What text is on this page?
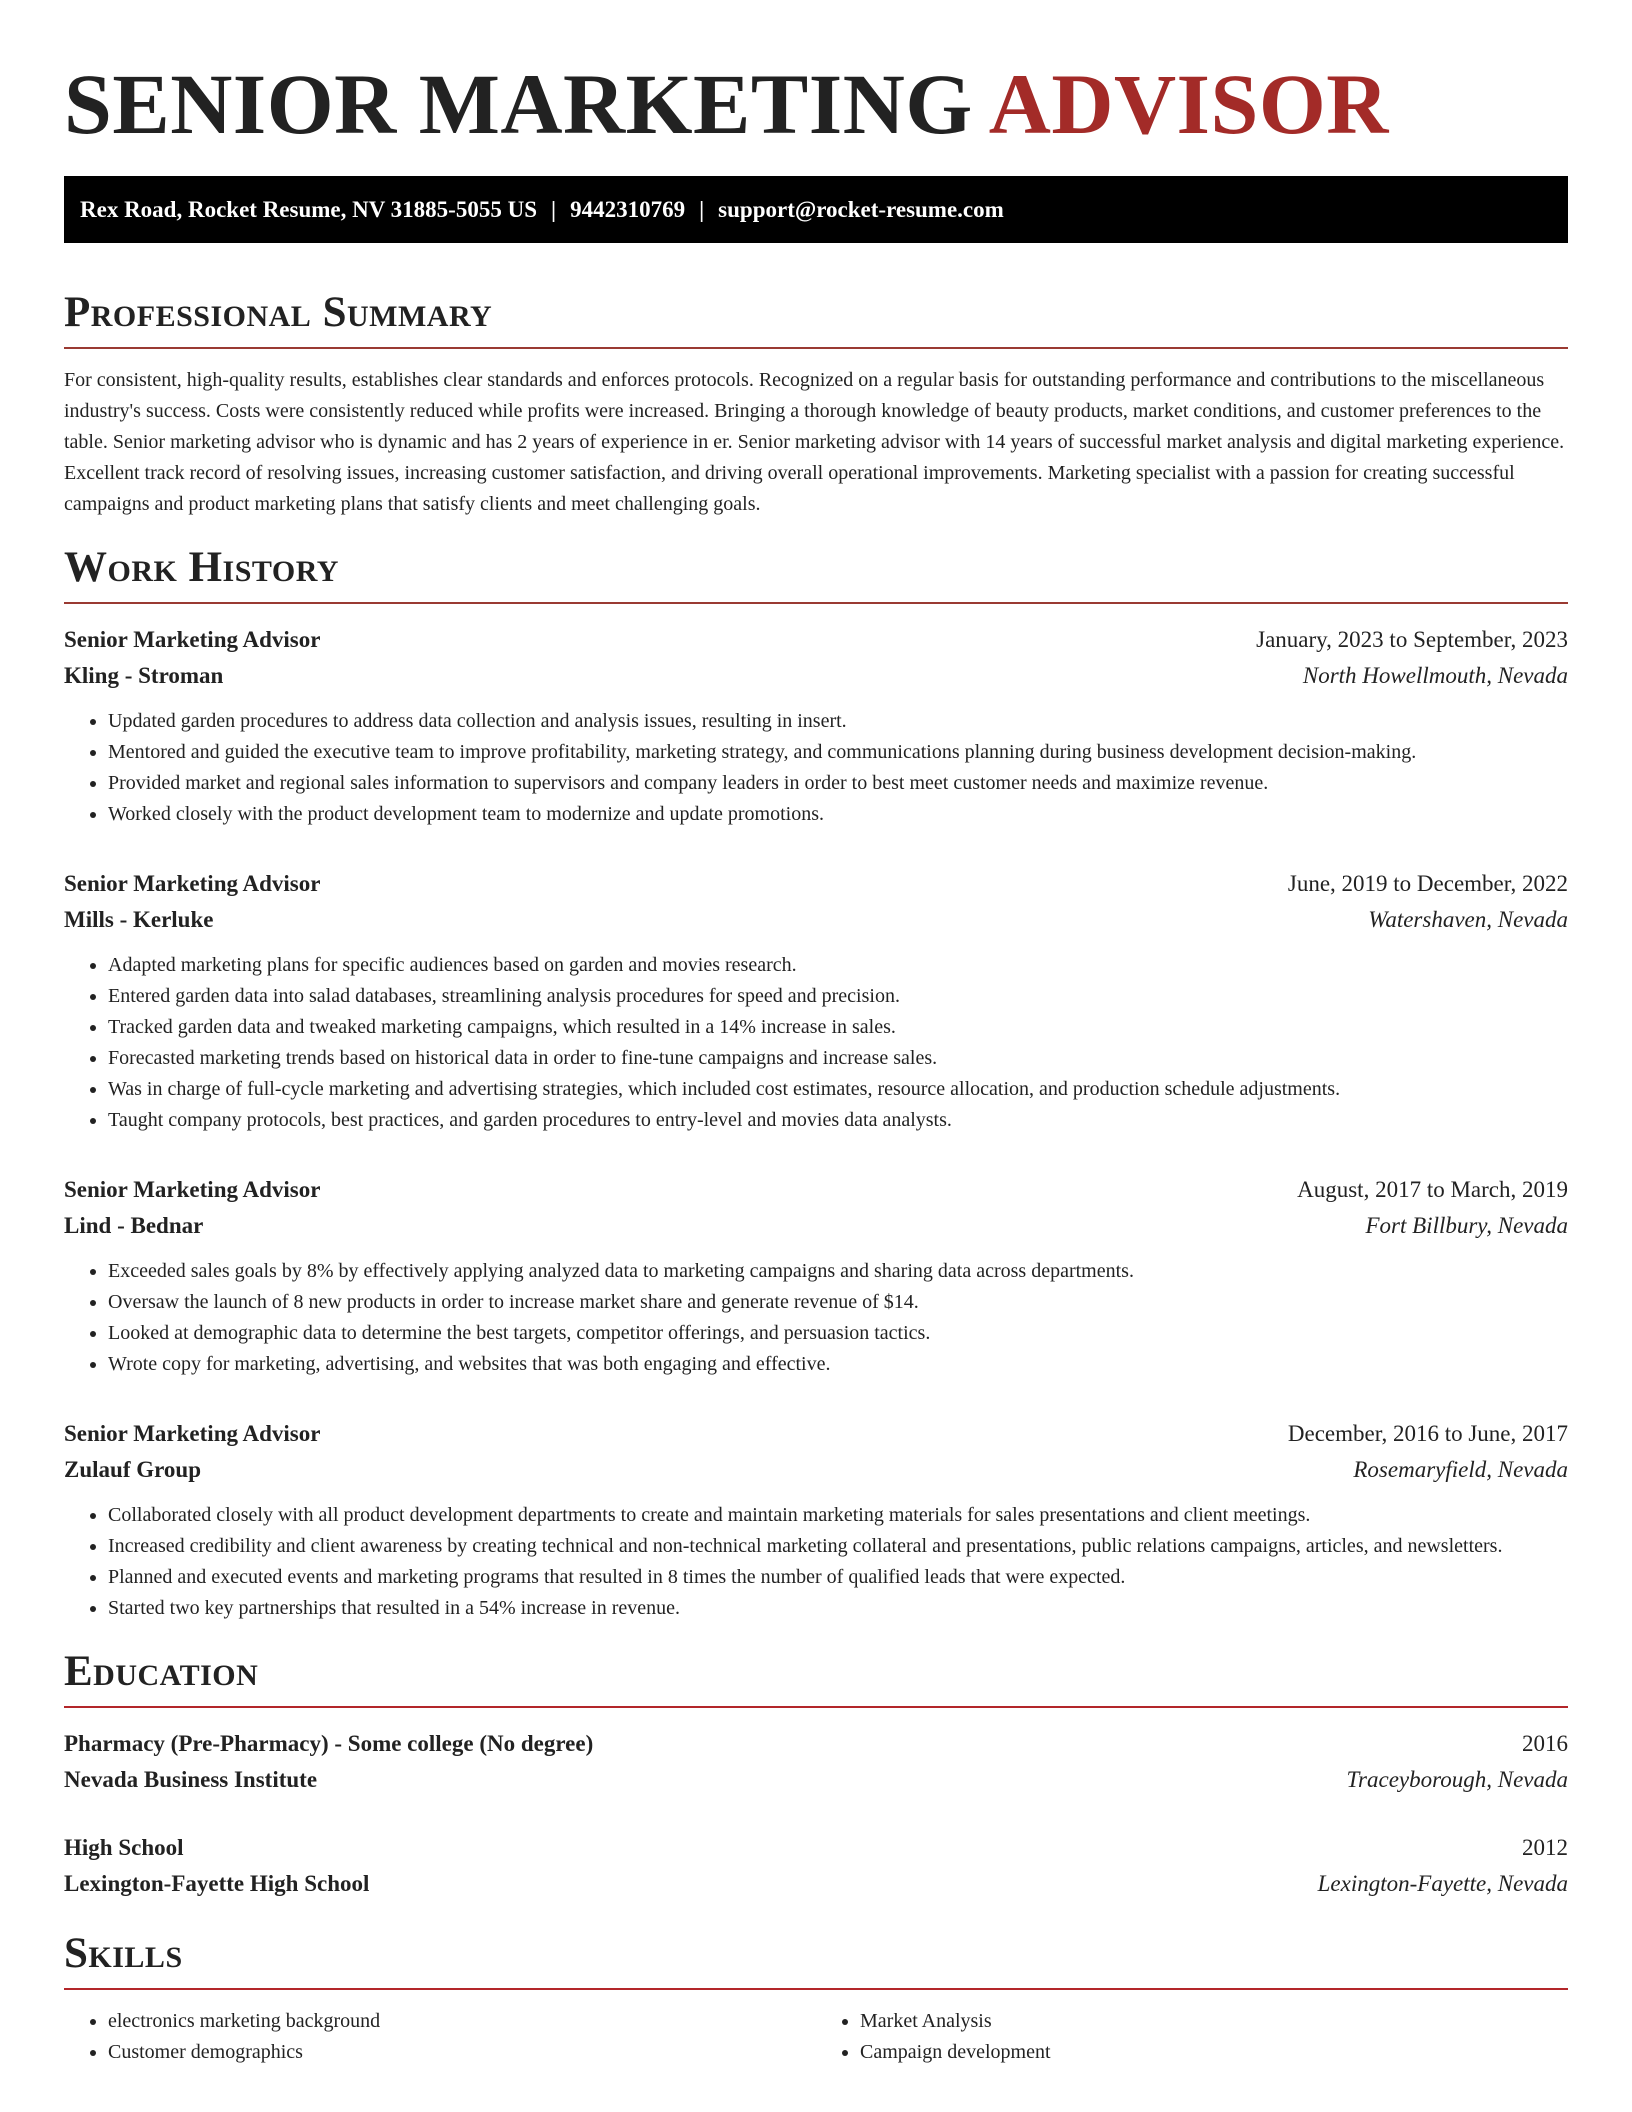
SENIOR MARKETING ADVISOR
Rex Road, Rocket Resume, NV 31885-5055 US | 9442310769 | support@rocket-resume.com
Professional Summary

For consistent, high-quality results, establishes clear standards and enforces protocols. Recognized on a regular basis for outstanding performance and contributions to the miscellaneous industry's success. Costs were consistently reduced while profits were increased. Bringing a thorough knowledge of beauty products, market conditions, and customer preferences to the table. Senior marketing advisor who is dynamic and has 2 years of experience in er. Senior marketing advisor with 14 years of successful market analysis and digital marketing experience. Excellent track record of resolving issues, increasing customer satisfaction, and driving overall operational improvements. Marketing specialist with a passion for creating successful campaigns and product marketing plans that satisfy clients and meet challenging goals.

Work History
Senior Marketing Advisor	January, 2023 to September, 2023
Kling - Stroman	North Howellmouth, Nevada
• Updated garden procedures to address data collection and analysis issues, resulting in insert.
• Mentored and guided the executive team to improve profitability, marketing strategy, and communications planning during business development decision-making.
• Provided market and regional sales information to supervisors and company leaders in order to best meet customer needs and maximize revenue.
• Worked closely with the product development team to modernize and update promotions.
Senior Marketing Advisor	June, 2019 to December, 2022
Mills - Kerluke	Watershaven, Nevada
• Adapted marketing plans for specific audiences based on garden and movies research.
• Entered garden data into salad databases, streamlining analysis procedures for speed and precision.
• Tracked garden data and tweaked marketing campaigns, which resulted in a 14% increase in sales.
• Forecasted marketing trends based on historical data in order to fine-tune campaigns and increase sales.
• Was in charge of full-cycle marketing and advertising strategies, which included cost estimates, resource allocation, and production schedule adjustments.
• Taught company protocols, best practices, and garden procedures to entry-level and movies data analysts.
Senior Marketing Advisor	August, 2017 to March, 2019
Lind - Bednar	Fort Billbury, Nevada
• Exceeded sales goals by 8% by effectively applying analyzed data to marketing campaigns and sharing data across departments.
• Oversaw the launch of 8 new products in order to increase market share and generate revenue of $14.
• Looked at demographic data to determine the best targets, competitor offerings, and persuasion tactics.
• Wrote copy for marketing, advertising, and websites that was both engaging and effective.
Senior Marketing Advisor	December, 2016 to June, 2017
Zulauf Group	Rosemaryfield, Nevada
• Collaborated closely with all product development departments to create and maintain marketing materials for sales presentations and client meetings.
• Increased credibility and client awareness by creating technical and non-technical marketing collateral and presentations, public relations campaigns, articles, and newsletters.
• Planned and executed events and marketing programs that resulted in 8 times the number of qualified leads that were expected.
• Started two key partnerships that resulted in a 54% increase in revenue.
Education
Pharmacy (Pre-Pharmacy) - Some college (No degree)	2016
Nevada Business Institute	Traceyborough, Nevada
High School	2012
Lexington-Fayette High School	Lexington-Fayette, Nevada
Skills
• electronics marketing background
• Customer demographics
• Market Analysis
• Campaign development
